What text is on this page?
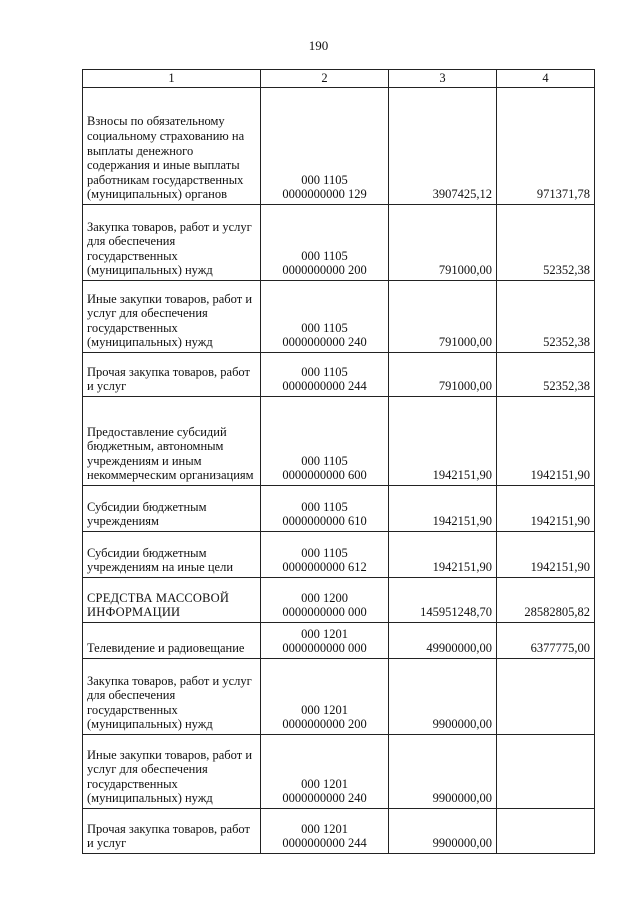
190
1	2	3	4
Взносы по обязательному социальному страхованию на выплаты денежного содержания и иные выплаты работникам государственных (муниципальных) органов	000 1105
0000000000 129	3907425,12	971371,78
Закупка товаров, работ и услуг для обеспечения государственных (муниципальных) нужд	000 1105
0000000000 200	791000,00	52352,38
Иные закупки товаров, работ и услуг для обеспечения государственных (муниципальных) нужд	000 1105
0000000000 240	791000,00	52352,38
Прочая закупка товаров, работ и услуг	000 1105
0000000000 244	791000,00	52352,38
Предоставление субсидий бюджетным, автономным учреждениям и иным некоммерческим организациям	000 1105
0000000000 600	1942151,90	1942151,90
Субсидии бюджетным учреждениям	000 1105
0000000000 610	1942151,90	1942151,90
Субсидии бюджетным учреждениям на иные цели	000 1105
0000000000 612	1942151,90	1942151,90
СРЕДСТВА МАССОВОЙ ИНФОРМАЦИИ	000 1200
0000000000 000	145951248,70	28582805,82
Телевидение и радиовещание	000 1201
0000000000 000	49900000,00	6377775,00
Закупка товаров, работ и услуг для обеспечения государственных (муниципальных) нужд	000 1201
0000000000 200	9900000,00	
Иные закупки товаров, работ и услуг для обеспечения государственных (муниципальных) нужд	000 1201
0000000000 240	9900000,00	
Прочая закупка товаров, работ и услуг	000 1201
0000000000 244	9900000,00	
